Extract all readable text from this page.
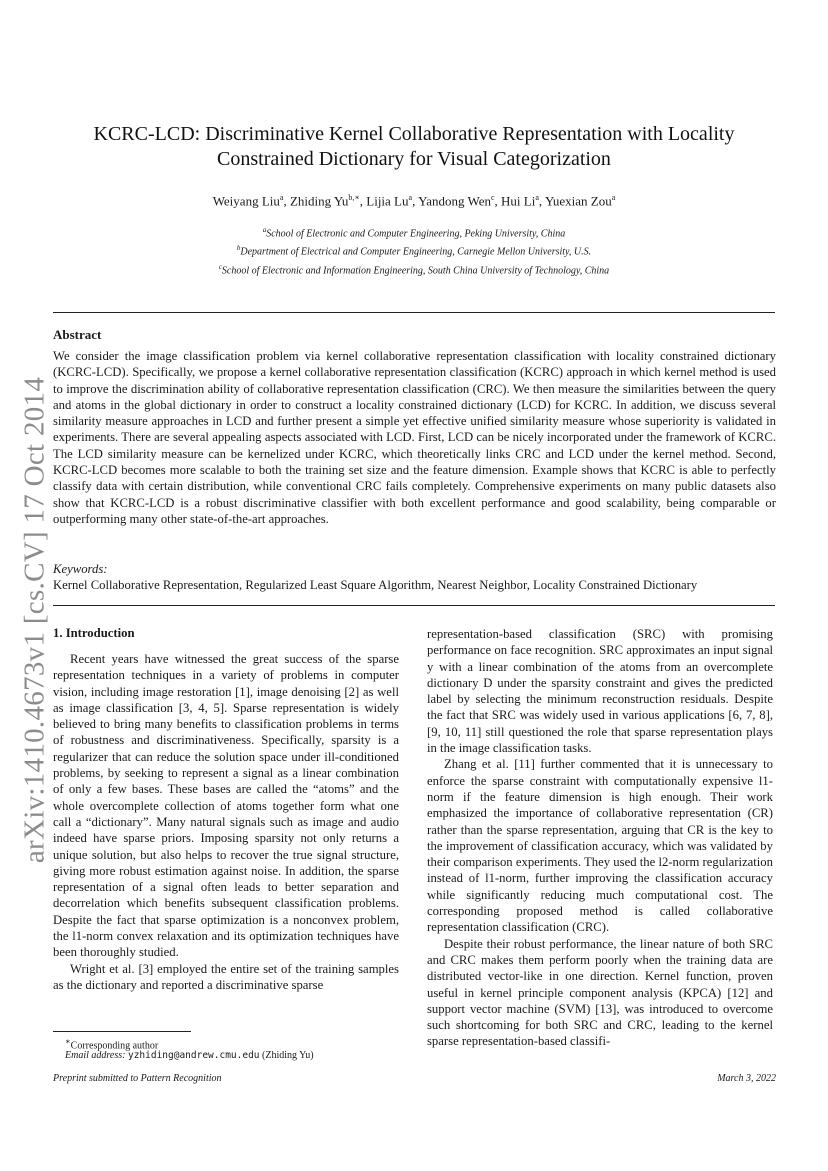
KCRC-LCD: Discriminative Kernel Collaborative Representation with Locality
Constrained Dictionary for Visual Categorization
Weiyang Liu$^a$, Zhiding $Yu^{b,∗}$, Lijia Lu$^a$, Yandong Wen$^c$, Hui Li$^a$, Yuexian Zou$^a$
$^a$School of Electronic and Computer Engineering, Peking University, China
$^b$Department of Electrical and Computer Engineering, Carnegie Mellon University, U.S.
$^c$School of Electronic and Information Engineering, South China University of Technology, China
Abstract
We consider the image classification problem via kernel collaborative representation classification with locality constrained dictionary (KCRC-LCD). Specifically, we propose a kernel collaborative representation classification (KCRC) approach in which kernel method is used to improve the discrimination ability of collaborative representation classification (CRC). We then measure the similarities between the query and atoms in the global dictionary in order to construct a locality constrained dictionary (LCD) for KCRC. In addition, we discuss several similarity measure approaches in LCD and further present a simple yet effective unified similarity measure whose superiority is validated in experiments. There are several appealing aspects associated with LCD. First, LCD can be nicely incorporated under the framework of KCRC. The LCD similarity measure can be kernelized under KCRC, which theoretically links CRC and LCD under the kernel method. Second, KCRC-LCD becomes more scalable to both the training set size and the feature dimension. Example shows that KCRC is able to perfectly classify data with certain distribution, while conventional CRC fails completely. Comprehensive experiments on many public datasets also show that KCRC-LCD is a robust discriminative classifier with both excellent performance and good scalability, being comparable or outperforming many other state-of-the-art approaches.
Keywords:
Kernel Collaborative Representation, Regularized Least Square Algorithm, Nearest Neighbor, Locality Constrained Dictionary
arXiv:1410.4673v1 [cs.CV] 17 Oct 2014 1. Introduction

Recent years have witnessed the great success of the sparse representation techniques in a variety of problems in computer vision, including image restoration [1], image denoising [2] as well as image classification [3, 4, 5]. Sparse representation is widely believed to bring many benefits to classification problems in terms of robustness and discriminativeness. Specifically, sparsity is a regularizer that can reduce the solution space under ill-conditioned problems, by seeking to represent a signal as a linear combination of only a few bases. These bases are called the “atoms” and the whole overcomplete collection of atoms together form what one call a “dictionary”. Many natural signals such as image and audio indeed have sparse priors. Imposing sparsity not only returns a unique solution, but also helps to recover the true signal structure, giving more robust estimation against noise. In addition, the sparse representation of a signal often leads to better separation and decorrelation which benefits subsequent classification problems. Despite the fact that sparse optimization is a nonconvex problem, the l1-norm convex relaxation and its optimization techniques have been thoroughly studied.

Wright et al. [3] employed the entire set of the training samples as the dictionary and reported a discriminative sparse

representation-based classification (SRC) with promising performance on face recognition. SRC approximates an input signal y with a linear combination of the atoms from an overcomplete dictionary D under the sparsity constraint and gives the predicted label by selecting the minimum reconstruction residuals. Despite the fact that SRC was widely used in various applications [6, 7, 8], [9, 10, 11] still questioned the role that sparse representation plays in the image classification tasks.

Zhang et al. [11] further commented that it is unnecessary to enforce the sparse constraint with computationally expensive l1-norm if the feature dimension is high enough. Their work emphasized the importance of collaborative representation (CR) rather than the sparse representation, arguing that CR is the key to the improvement of classification accuracy, which was validated by their comparison experiments. They used the l2-norm regularization instead of l1-norm, further improving the classification accuracy while significantly reducing much computational cost. The corresponding proposed method is called collaborative representation classification (CRC).

Despite their robust performance, the linear nature of both SRC and CRC makes them perform poorly when the training data are distributed vector-like in one direction. Kernel function, proven useful in kernel principle component analysis (KPCA) [12] and support vector machine (SVM) [13], was introduced to overcome such shortcoming for both SRC and CRC, leading to the kernel sparse representation-based classifi-

∗Corresponding author
Email address: yzhiding@andrew.cmu.edu (Zhiding Yu)
Preprint submitted to Pattern Recognition	March 3, 2022
